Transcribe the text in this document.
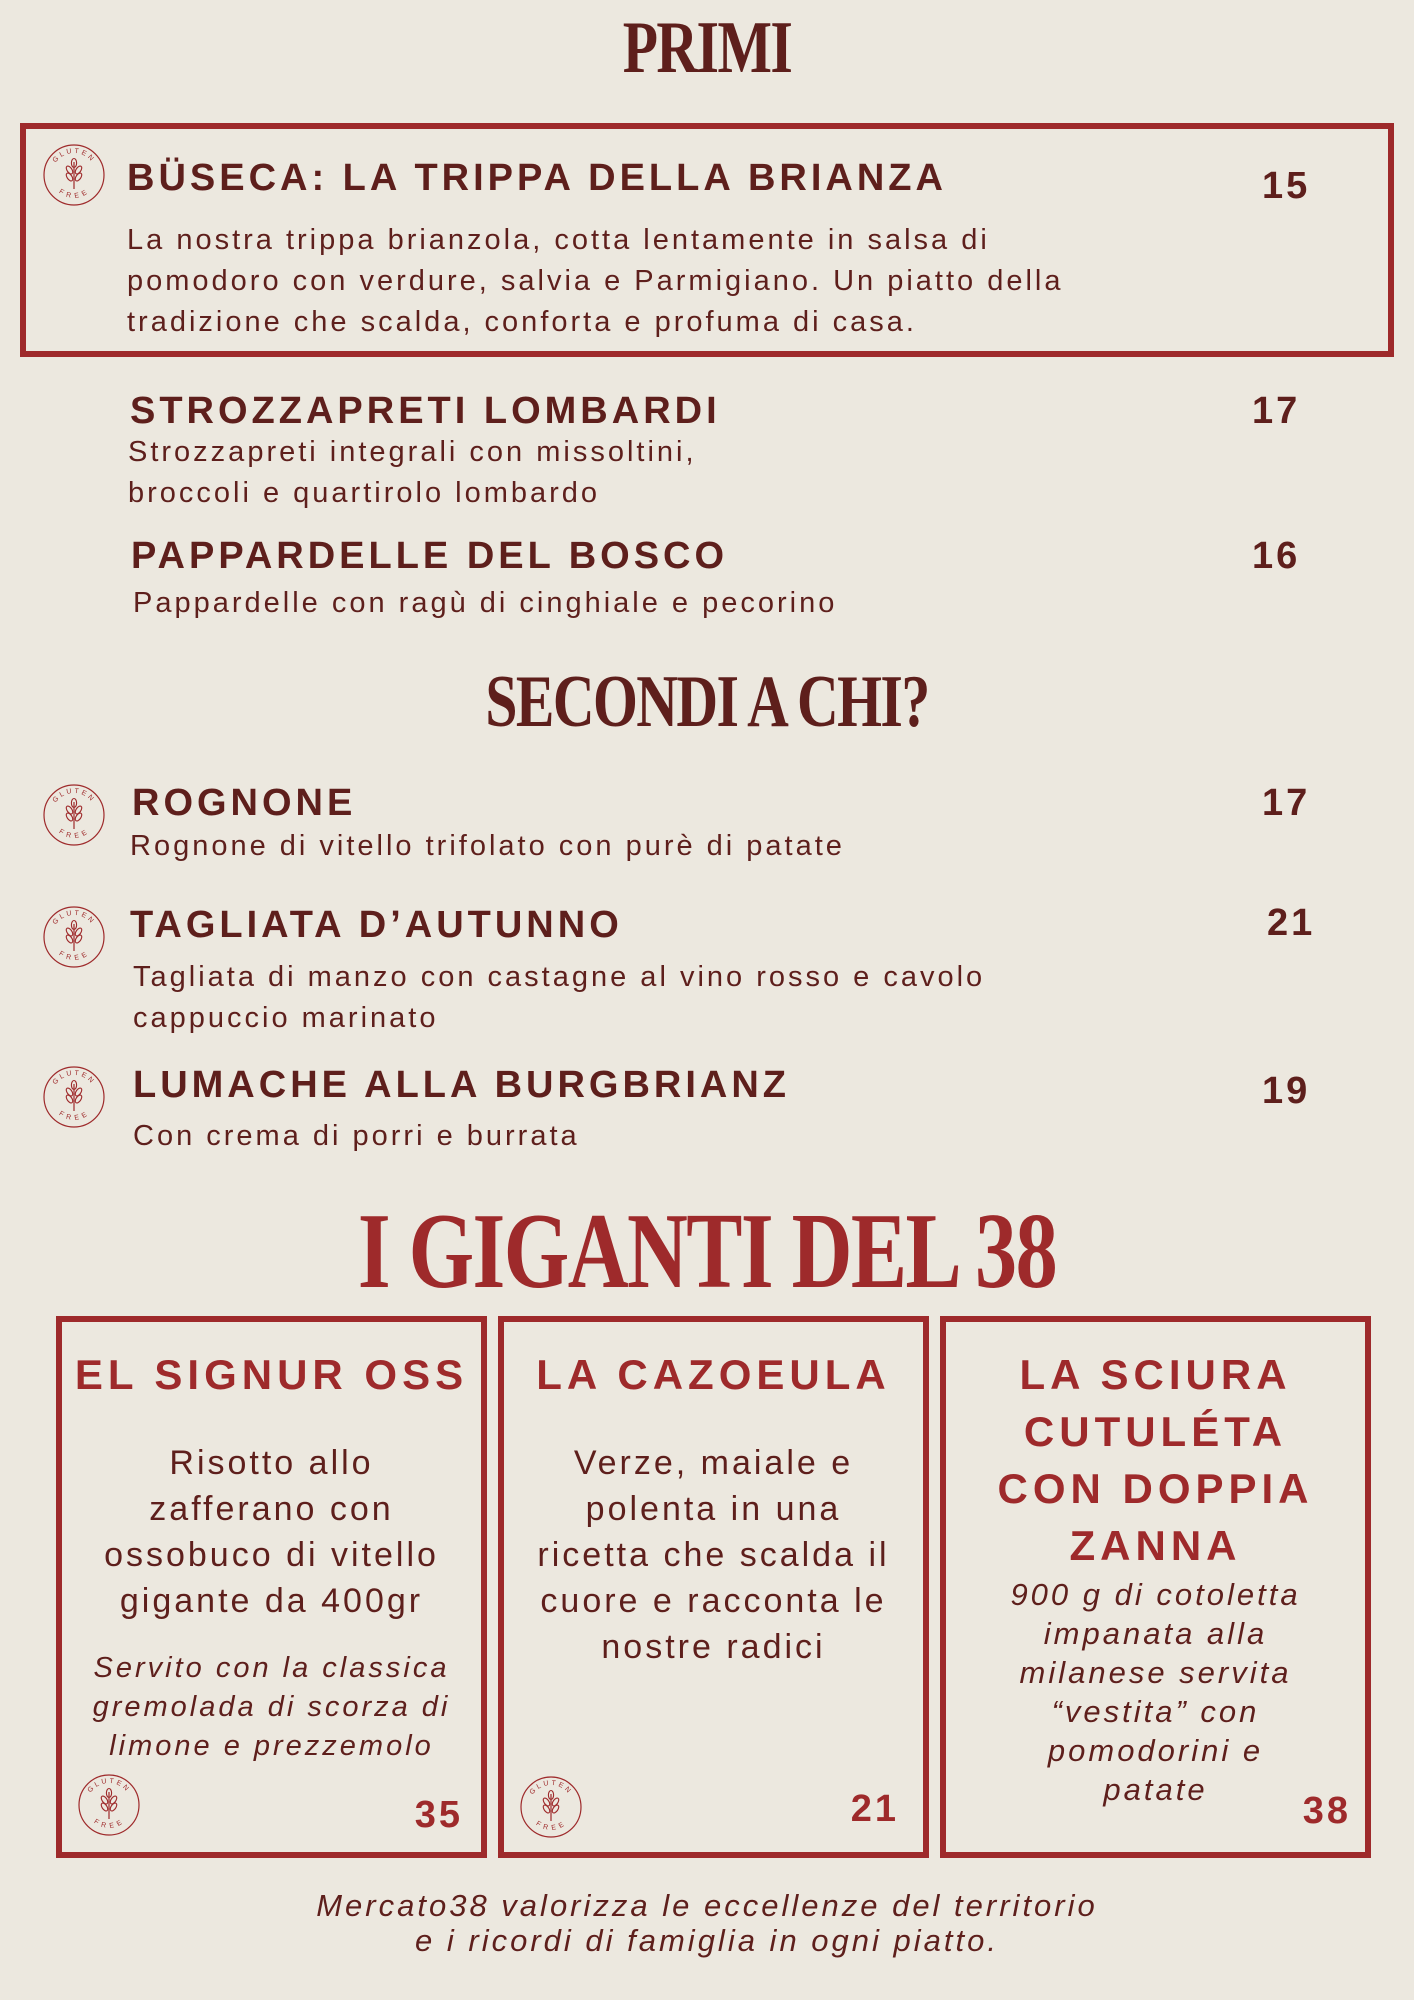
PRIMI
GLUTEN
FREE BÜSECA: LA TRIPPA DELLA BRIANZA	15
La nostra trippa brianzola, cotta lentamente in salsa di
pomodoro con verdure, salvia e Parmigiano. Un piatto della
tradizione che scalda, conforta e profuma di casa.
STROZZAPRETI LOMBARDI	17
Strozzapreti integrali con missoltini,
broccoli e quartirolo lombardo
PAPPARDELLE DEL BOSCO	16
Pappardelle con ragù di cinghiale e pecorino
SECONDI A CHI?
GLUTEN
FREE
ROGNONE	17
Rognone di vitello trifolato con purè di patate
GLUTEN
FREE
TAGLIATA D’AUTUNNO	21
Tagliata di manzo con castagne al vino rosso e cavolo
cappuccio marinato
GLUTEN
FREE
LUMACHE ALLA BURGBRIANZ	19
Con crema di porri e burrata
I GIGANTI DEL 38
EL SIGNUR OSS
Risotto allo
zafferano con
ossobuco di vitello
gigante da 400gr
Servito con la classica
gremolada di scorza di
limone e prezzemolo
GLUTEN
FREE	35
LA CAZOEULA
Verze, maiale e
polenta in una
ricetta che scalda il
cuore e racconta le
nostre radici
GLUTEN
FREE	21
LA SCIURA
CUTULÉTA
CON DOPPIA
ZANNA
900 g di cotoletta
impanata alla
milanese servita
“vestita” con
pomodorini e
patate
38
Mercato38 valorizza le eccellenze del territorio
e i ricordi di famiglia in ogni piatto.
